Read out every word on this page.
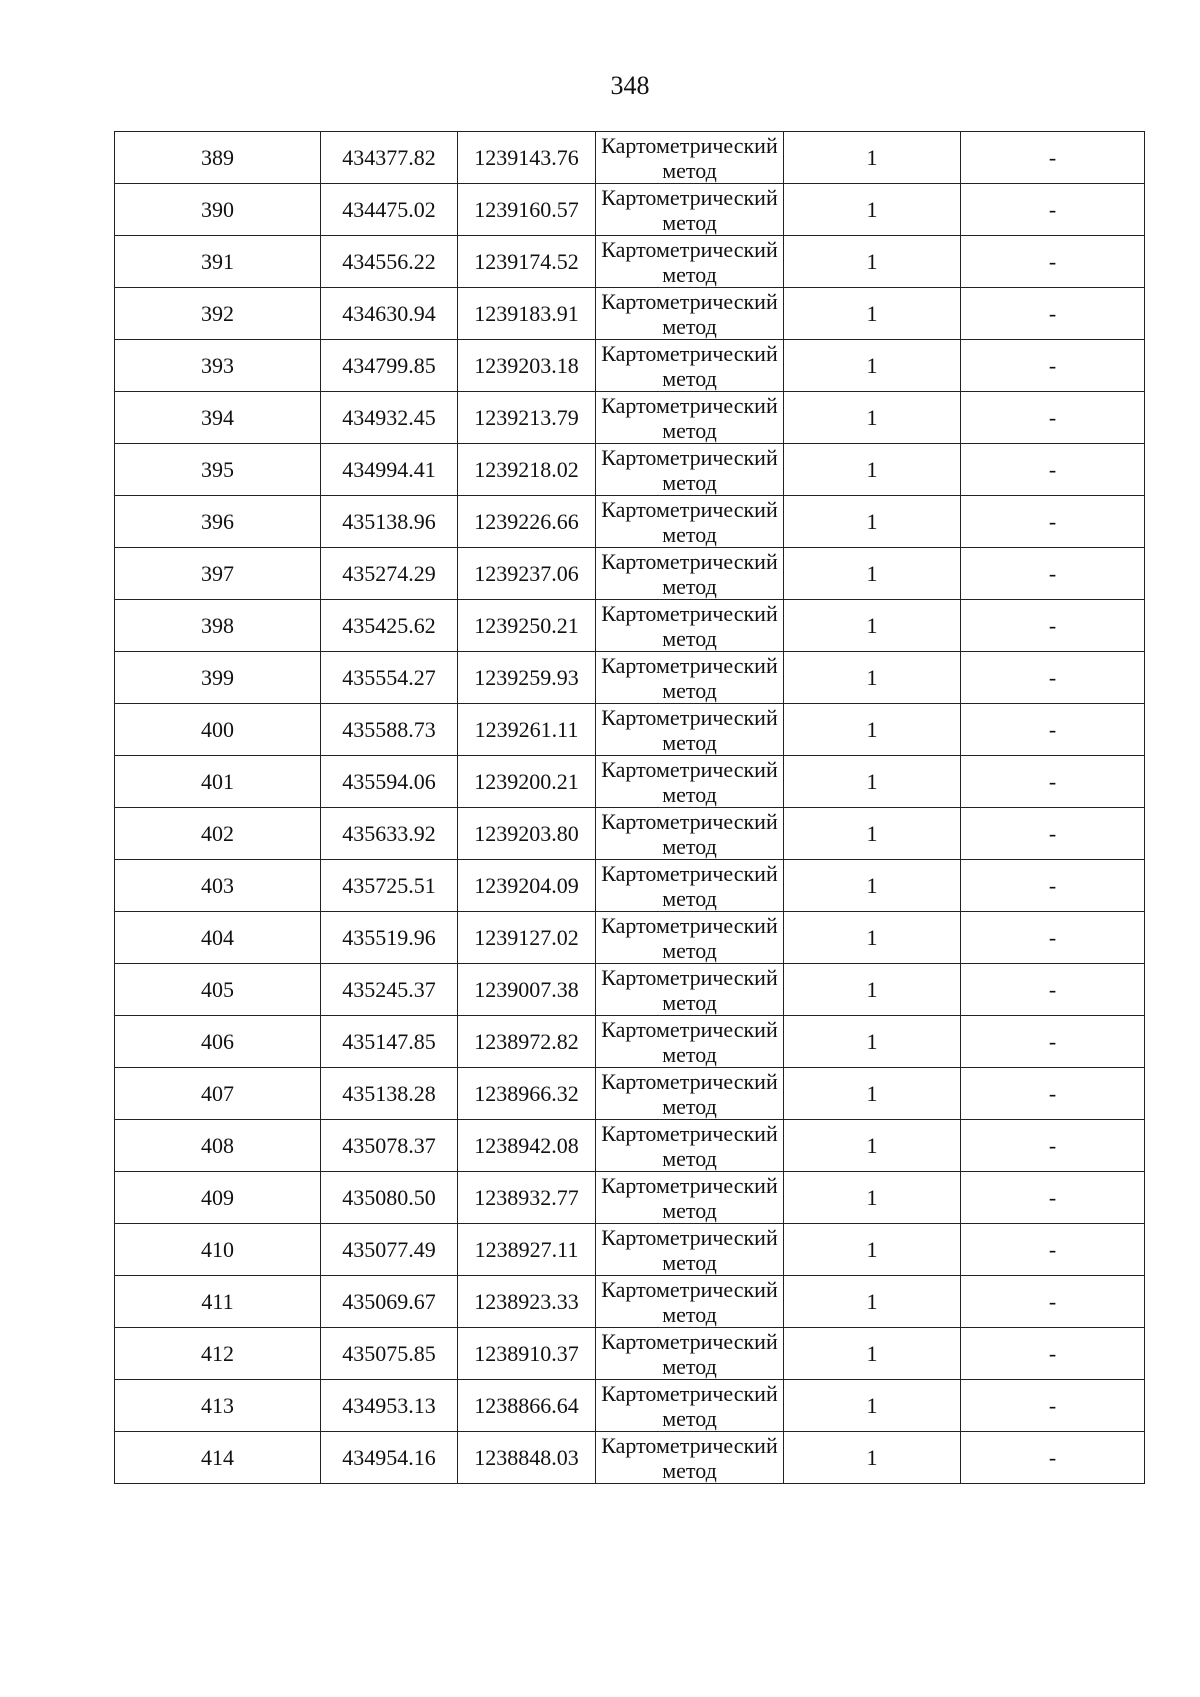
348
389	434377.82	1239143.76	Картометрический метод	1	-
390	434475.02	1239160.57	Картометрический метод	1	-
391	434556.22	1239174.52	Картометрический метод	1	-
392	434630.94	1239183.91	Картометрический метод	1	-
393	434799.85	1239203.18	Картометрический метод	1	-
394	434932.45	1239213.79	Картометрический метод	1	-
395	434994.41	1239218.02	Картометрический метод	1	-
396	435138.96	1239226.66	Картометрический метод	1	-
397	435274.29	1239237.06	Картометрический метод	1	-
398	435425.62	1239250.21	Картометрический метод	1	-
399	435554.27	1239259.93	Картометрический метод	1	-
400	435588.73	1239261.11	Картометрический метод	1	-
401	435594.06	1239200.21	Картометрический метод	1	-
402	435633.92	1239203.80	Картометрический метод	1	-
403	435725.51	1239204.09	Картометрический метод	1	-
404	435519.96	1239127.02	Картометрический метод	1	-
405	435245.37	1239007.38	Картометрический метод	1	-
406	435147.85	1238972.82	Картометрический метод	1	-
407	435138.28	1238966.32	Картометрический метод	1	-
408	435078.37	1238942.08	Картометрический метод	1	-
409	435080.50	1238932.77	Картометрический метод	1	-
410	435077.49	1238927.11	Картометрический метод	1	-
411	435069.67	1238923.33	Картометрический метод	1	-
412	435075.85	1238910.37	Картометрический метод	1	-
413	434953.13	1238866.64	Картометрический метод	1	-
414	434954.16	1238848.03	Картометрический метод	1	-
